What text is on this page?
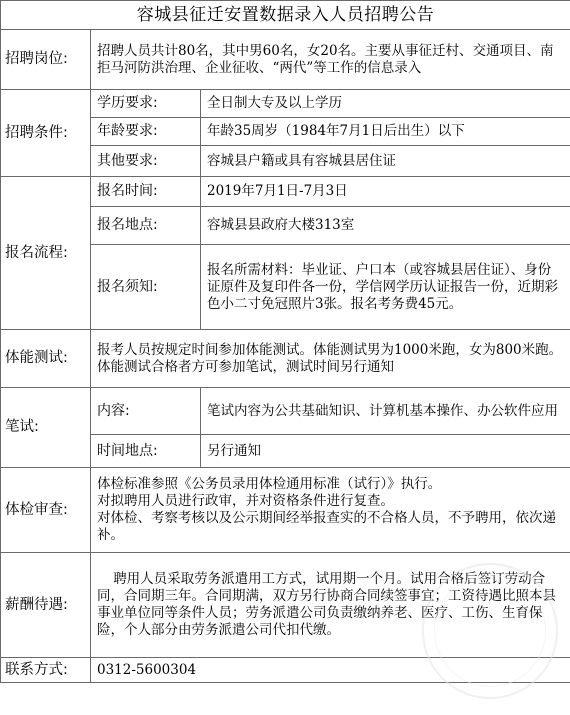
容城县征迁安置数据录入人员招聘公告		
招聘岗位:	招聘人员共计80名，其中男60名，女20名。主要从事征迁村、交通项目、南拒马河防洪治理、企业征收、“两代”等工作的信息录入	
招聘条件:	学历要求:	全日制大专及以上学历
	年龄要求:	年龄35周岁（1984年7月1日后出生）以下
	其他要求:	容城县户籍或具有容城县居住证
报名流程:	报名时间:	2019年7月1日-7月3日
	报名地点:	容城县县政府大楼313室
	报名须知:	报名所需材料：毕业证、户口本（或容城县居住证）、身份证原件及复印件各一份，学信网学历认证报告一份，近期彩色小二寸免冠照片3张。报名考务费45元。
体能测试:	报考人员按规定时间参加体能测试。体能测试男为1000米跑，女为800米跑。体能测试合格者方可参加笔试，测试时间另行通知	
笔试:	内容:	笔试内容为公共基础知识、计算机基本操作、办公软件应用
	时间地点:	另行通知
体检审查:	体检标准参照《公务员录用体检通用标准（试行）》执行。
对拟聘用人员进行政审，并对资格条件进行复查。
对体检、考察考核以及公示期间经举报查实的不合格人员，不予聘用，依次递补。	

薪酬待遇:	聘用人员采取劳务派遣用工方式，试用期一个月。试用合格后签订劳动合同，合同期三年。合同期满，双方另行协商合同续签事宜；工资待遇比照本县事业单位同等条件人员；劳务派遣公司负责缴纳养老、医疗、工伤、生育保险，个人部分由劳务派遣公司代扣代缴。	

联系方式:	0312-5600304	
